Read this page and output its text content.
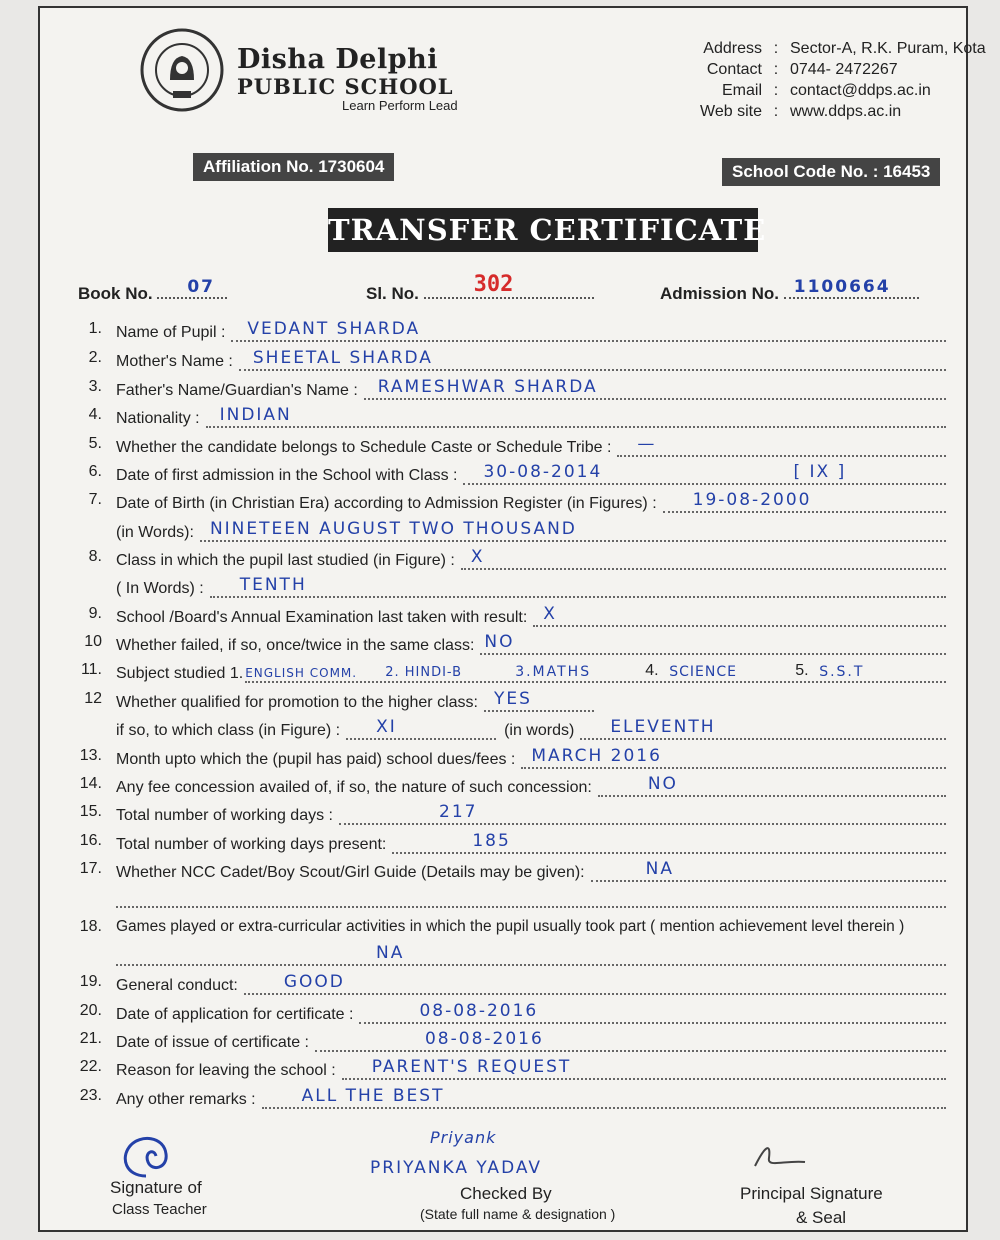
Disha Delphi
PUBLIC SCHOOL
Learn Perform Lead
Address : Sector-A, R.K. Puram, Kota
Contact : 0744- 2472267
Email : contact@ddps.ac.in
Web site : www.ddps.ac.in
Affiliation No. 1730604	School Code No. : 16453
TRANSFER CERTIFICATE
Book No. 07	Sl. No. 302	Admission No. 1100664
1. Name of Pupil : VEDANT SHARDA
2. Mother's Name : SHEETAL SHARDA
3. Father's Name/Guardian's Name : RAMESHWAR SHARDA
4. Nationality : INDIAN
5. Whether the candidate belongs to Schedule Caste or Schedule Tribe : —
6. Date of first admission in the School with Class : 30-08-2014	[ IX ]
7. Date of Birth (in Christian Era) according to Admission Register (in Figures) : 19-08-2000
(in Words): NINETEEN AUGUST TWO THOUSAND
8. Class in which the pupil last studied (in Figure) : X
( In Words) : TENTH
9. School /Board's Annual Examination last taken with result: X
10 Whether failed, if so, once/twice in the same class: NO
11. Subject studied 1. ENGLISH COMM. 2. HINDI-B	3.MATHS	4. SCIENCE	5. S.S.T
12 Whether qualified for promotion to the higher class: YES
if so, to which class (in Figure) : XI	(in words) ELEVENTH
13. Month upto which the (pupil has paid) school dues/fees : MARCH 2016
14. Any fee concession availed of, if so, the nature of such concession:	NO
15. Total number of working days :	217
16. Total number of working days present:	185
17. Whether NCC Cadet/Boy Scout/Girl Guide (Details may be given):	NA
18. Games played or extra-curricular activities in which the pupil usually took part ( mention achievement level therein )
NA
19. General conduct:	GOOD
20. Date of application for certificate :	08-08-2016
21. Date of issue of certificate :	08-08-2016
22. Reason for leaving the school : PARENT'S REQUEST
23. Any other remarks :	ALL THE BEST
Signature of
Class Teacher
Priyank
PRIYANKA YADAV
Checked By
(State full name & designation )
Principal Signature
& Seal
